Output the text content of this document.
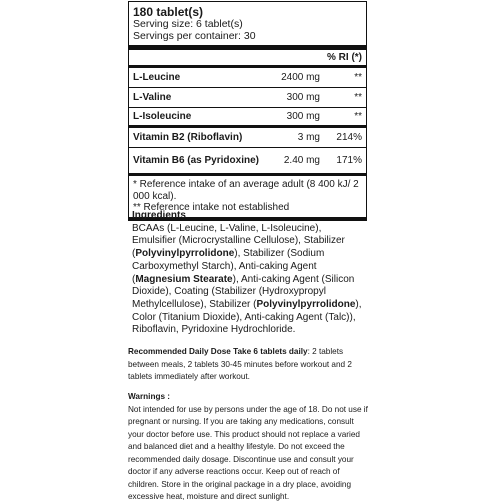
180 tablet(s)
Serving size: 6 tablet(s)
Servings per container: 30
% RI (*)
L-Leucine	2400 mg	**
L-Valine	300 mg	**
L-Isoleucine	300 mg	**
Vitamin B2 (Riboflavin)	3 mg	214%
Vitamin B6 (as Pyridoxine)	2.40 mg	171%
* Reference intake of an average adult (8 400 kJ/ 2 000 kcal).
** Reference intake not established
Ingredients
BCAAs (L-Leucine, L-Valine, L-Isoleucine), Emulsifier (Microcrystalline Cellulose), Stabilizer (Polyvinylpyrrolidone), Stabilizer (Sodium Carboxymethyl Starch), Anti-caking Agent (Magnesium Stearate), Anti-caking Agent (Silicon Dioxide), Coating (Stabilizer (Hydroxypropyl Methylcellulose), Stabilizer (Polyvinylpyrrolidone), Color (Titanium Dioxide), Anti-caking Agent (Talc)), Riboflavin, Pyridoxine Hydrochloride.
Recommended Daily Dose Take 6 tablets daily: 2 tablets between meals, 2 tablets 30-45 minutes before workout and 2 tablets immediately after workout.
Warnings :
Not intended for use by persons under the age of 18. Do not use if pregnant or nursing. If you are taking any medications, consult your doctor before use. This product should not replace a varied and balanced diet and a healthy lifestyle. Do not exceed the recommended daily dosage. Discontinue use and consult your doctor if any adverse reactions occur. Keep out of reach of children. Store in the original package in a dry place, avoiding excessive heat, moisture and direct sunlight.
